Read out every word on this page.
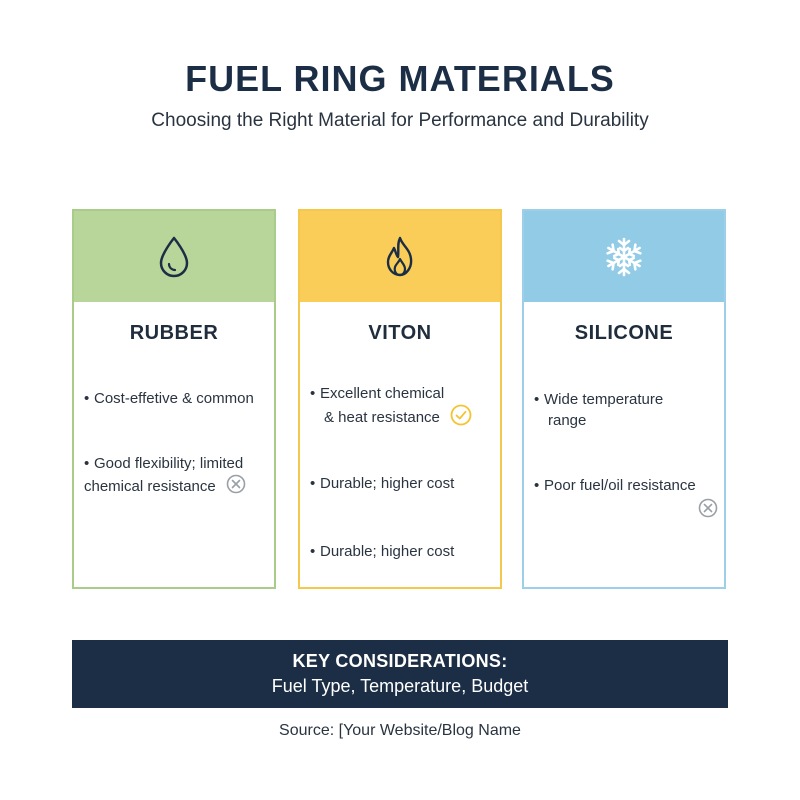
FUEL RING MATERIALS
Choosing the Right Material for Performance and Durability
RUBBER
• Cost-effetive & common
• Good flexibility; limited
chemical resistance
VITON
• Excellent chemical
& heat resistance
• Durable; higher cost
• Durable; higher cost
SILICONE
• Wide temperature
range
• Poor fuel/oil resistance

KEY CONSIDERATIONS:
Fuel Type, Temperature, Budget
Source: [Your Website/Blog Name
